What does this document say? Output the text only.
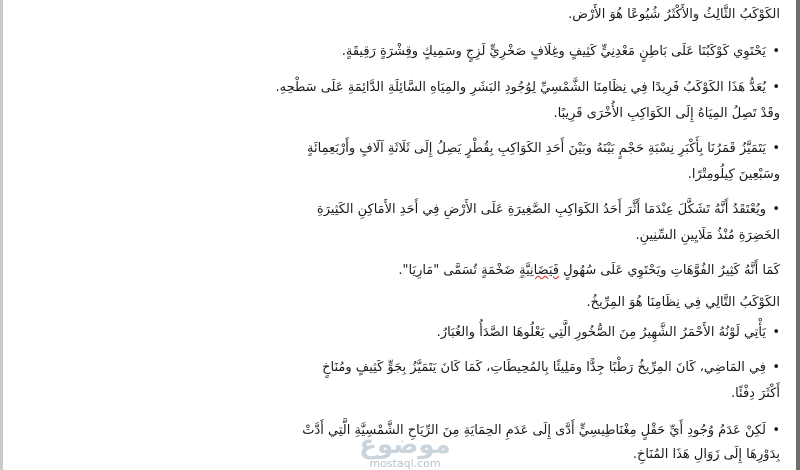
الكَوْكَبُ الثَّالِثُ والأَكْثَرُ شُيُوعًا هُوَ الأَرْض.
• يَحْتَوِي كَوْكَبُنَا عَلَى بَاطِنٍ مَعْدِنِيٍّ كَثِيفٍ وغِلَافٍ صَخْرِيٍّ لَزِجٍ وسَمِيكٍ وقِشْرَةٍ رَقِيقَةٍ.
• يُعَدُّ هَذَا الكَوْكَبُ فَرِيدًا فِي نِظَامِنَا الشَّمْسِيِّ لِوُجُودِ البَشَرِ والمِيَاهِ السَّائِلَةِ الدَّائِمَةِ عَلَى سَطْحِهِ.
وقَدْ تَصِلُ المِيَاهُ إِلَى الكَوَاكِبِ الأُخْرَى قَرِيبًا.
• يَتَمَيَّزُ قَمَرُنَا بِأَكْبَرِ نِسْبَةِ حَجْمٍ بَيْنَهُ وبَيْنَ أَحَدِ الكَوَاكِبِ بِقُطْرٍ يَصِلُ إِلَى ثَلَاثَةِ آلَافٍ وأَرْبَعِمِائَةٍ
وسَبْعِينَ كِيلُومِتْرًا.
• ويُعْتَقَدُ أَنَّهُ تَشَكَّلَ عِنْدَمَا أَثَّرَ أَحَدُ الكَوَاكِبِ الصَّغِيرَةِ عَلَى الأَرْضِ فِي أَحَدِ الأَمَاكِنِ الكَثِيرَةِ
الخَضِرَةِ مُنْذُ مَلَايِينِ السِّنِينِ.
كَمَا أَنَّهُ كَثِيرُ الفُوَّهَاتِ ويَحْتَوِي عَلَى سُهُولٍ فَيَضَانِيَّةٍ ضَخْمَةٍ تُسَمَّى "مَارِيَا".
الكَوْكَبُ التَّالِي فِي نِظَامِنَا هُوَ المِرِّيخُ.
• يَأْتِي لَوْنُهُ الأَحْمَرُ الشَّهِيرُ مِنَ الصُّخُورِ الَّتِي يَعْلُوهَا الصَّدَأُ والغُبَارُ.
• فِي المَاضِي، كَانَ المِرِّيخُ رَطْبًا جِدًّا ومَلِيئًا بِالمُحِيطَاتِ، كَمَا كَانَ يَتَمَيَّزُ بِجَوٍّ كَثِيفٍ ومُنَاخٍ
أَكْثَرَ دِفْئًا.
• لَكِنْ عَدَمُ وُجُودِ أَيِّ حَقْلٍ مِغْنَاطِيسِيٍّ أَدَّى إِلَى عَدَمِ الحِمَايَةِ مِنَ الرِّيَاحِ الشَّمْسِيَّةِ الَّتِي أَدَّتْ
بِدَوْرِهَا إِلَى زَوَالِ هَذَا المُنَاخِ.
موضوع
mostaql.com
